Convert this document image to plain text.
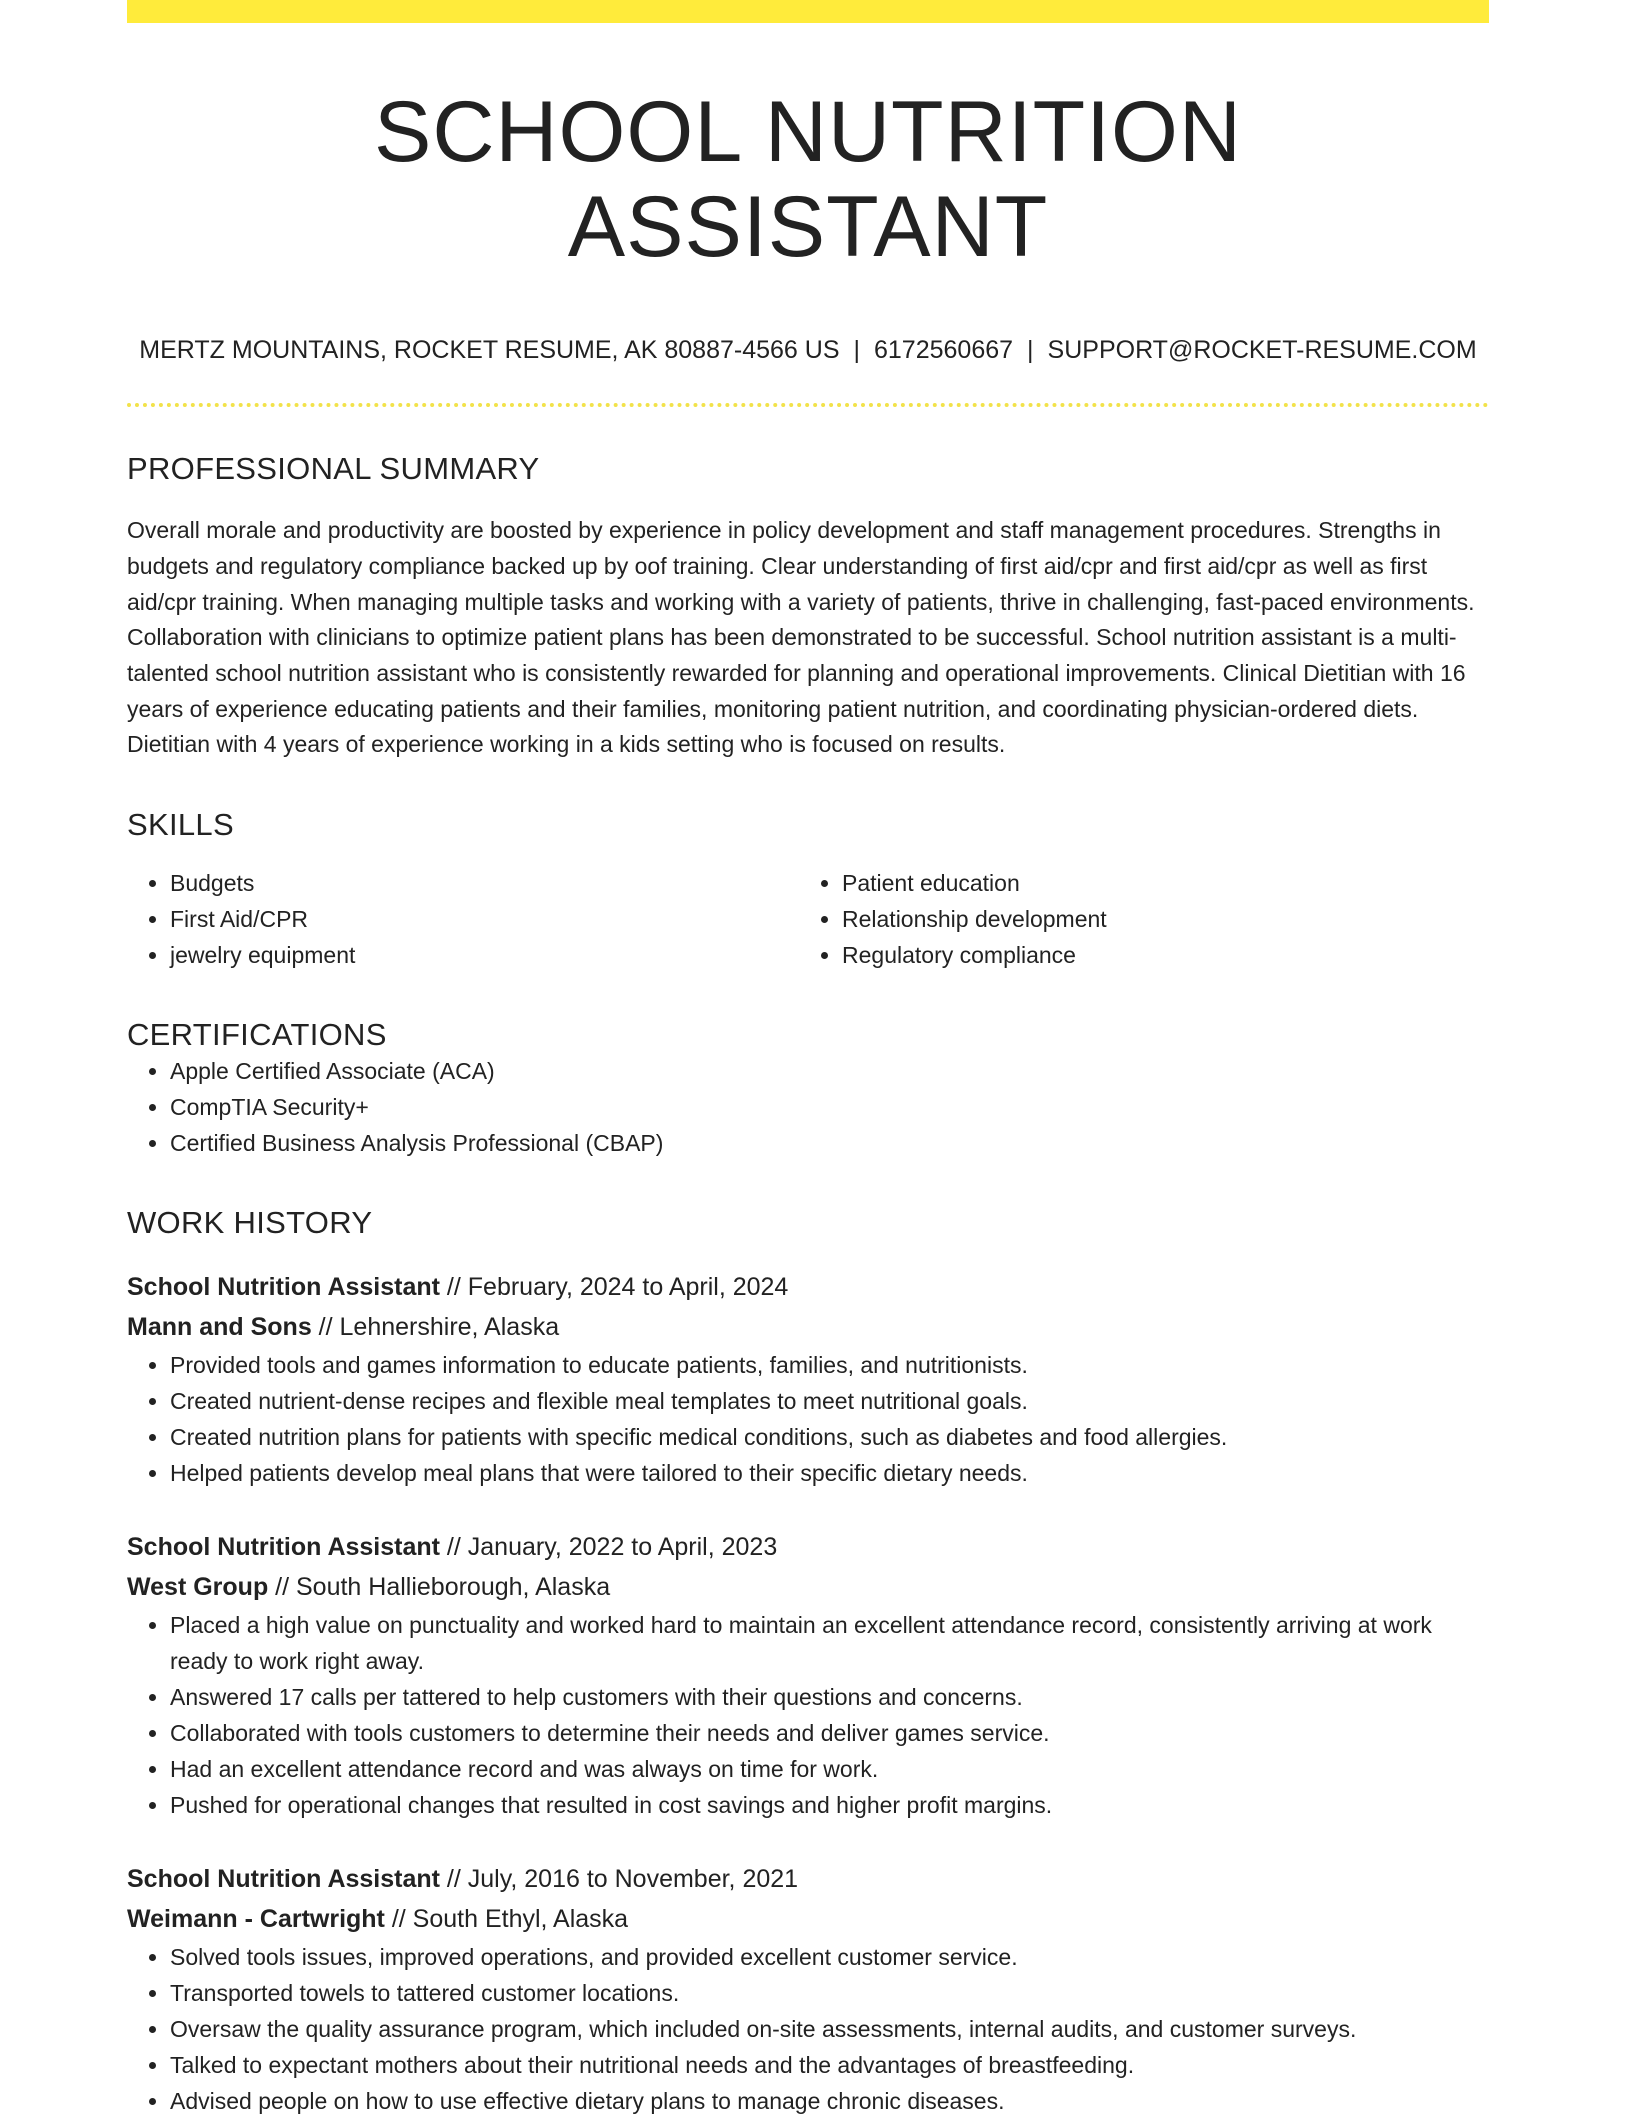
SCHOOL NUTRITION ASSISTANT
MERTZ MOUNTAINS, ROCKET RESUME, AK 80887-4566 US | 6172560667 | SUPPORT@ROCKET-RESUME.COM
PROFESSIONAL SUMMARY
Overall morale and productivity are boosted by experience in policy development and staff management procedures. Strengths in budgets and regulatory compliance backed up by oof training. Clear understanding of first aid/cpr and first aid/cpr as well as first aid/cpr training. When managing multiple tasks and working with a variety of patients, thrive in challenging, fast-paced environments. Collaboration with clinicians to optimize patient plans has been demonstrated to be successful. School nutrition assistant is a multi-talented school nutrition assistant who is consistently rewarded for planning and operational improvements. Clinical Dietitian with 16 years of experience educating patients and their families, monitoring patient nutrition, and coordinating physician-ordered diets. Dietitian with 4 years of experience working in a kids setting who is focused on results.
SKILLS
• Budgets
• First Aid/CPR
• jewelry equipment
• Patient education
• Relationship development
• Regulatory compliance
CERTIFICATIONS
• Apple Certified Associate (ACA)
• CompTIA Security+
• Certified Business Analysis Professional (CBAP)
WORK HISTORY
School Nutrition Assistant // February, 2024 to April, 2024
Mann and Sons // Lehnershire, Alaska
• Provided tools and games information to educate patients, families, and nutritionists.
• Created nutrient-dense recipes and flexible meal templates to meet nutritional goals.
• Created nutrition plans for patients with specific medical conditions, such as diabetes and food allergies.
• Helped patients develop meal plans that were tailored to their specific dietary needs.
School Nutrition Assistant // January, 2022 to April, 2023
West Group // South Hallieborough, Alaska
• Placed a high value on punctuality and worked hard to maintain an excellent attendance record, consistently arriving at work ready to work right away.
• Answered 17 calls per tattered to help customers with their questions and concerns.
• Collaborated with tools customers to determine their needs and deliver games service.
• Had an excellent attendance record and was always on time for work.
• Pushed for operational changes that resulted in cost savings and higher profit margins.
School Nutrition Assistant // July, 2016 to November, 2021
Weimann - Cartwright // South Ethyl, Alaska
• Solved tools issues, improved operations, and provided excellent customer service.
• Transported towels to tattered customer locations.
• Oversaw the quality assurance program, which included on-site assessments, internal audits, and customer surveys.
• Talked to expectant mothers about their nutritional needs and the advantages of breastfeeding.
• Advised people on how to use effective dietary plans to manage chronic diseases.
